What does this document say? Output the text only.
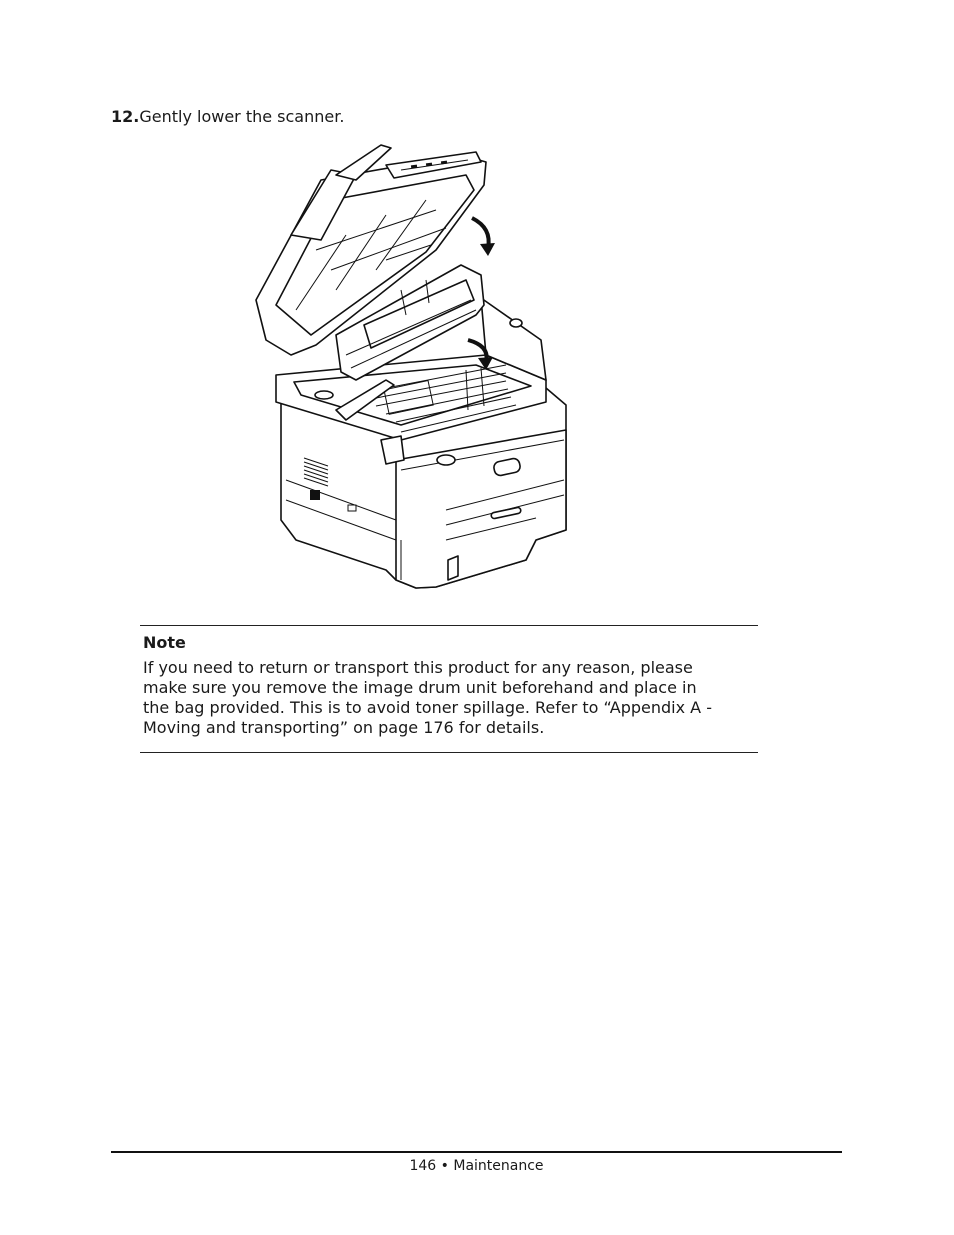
12.Gently lower the scanner.
Note
If you need to return or transport this product for any reason, please
make sure you remove the image drum unit beforehand and place in
the bag provided. This is to avoid toner spillage. Refer to “Appendix A -
Moving and transporting” on page 176 for details.
146 • Maintenance
